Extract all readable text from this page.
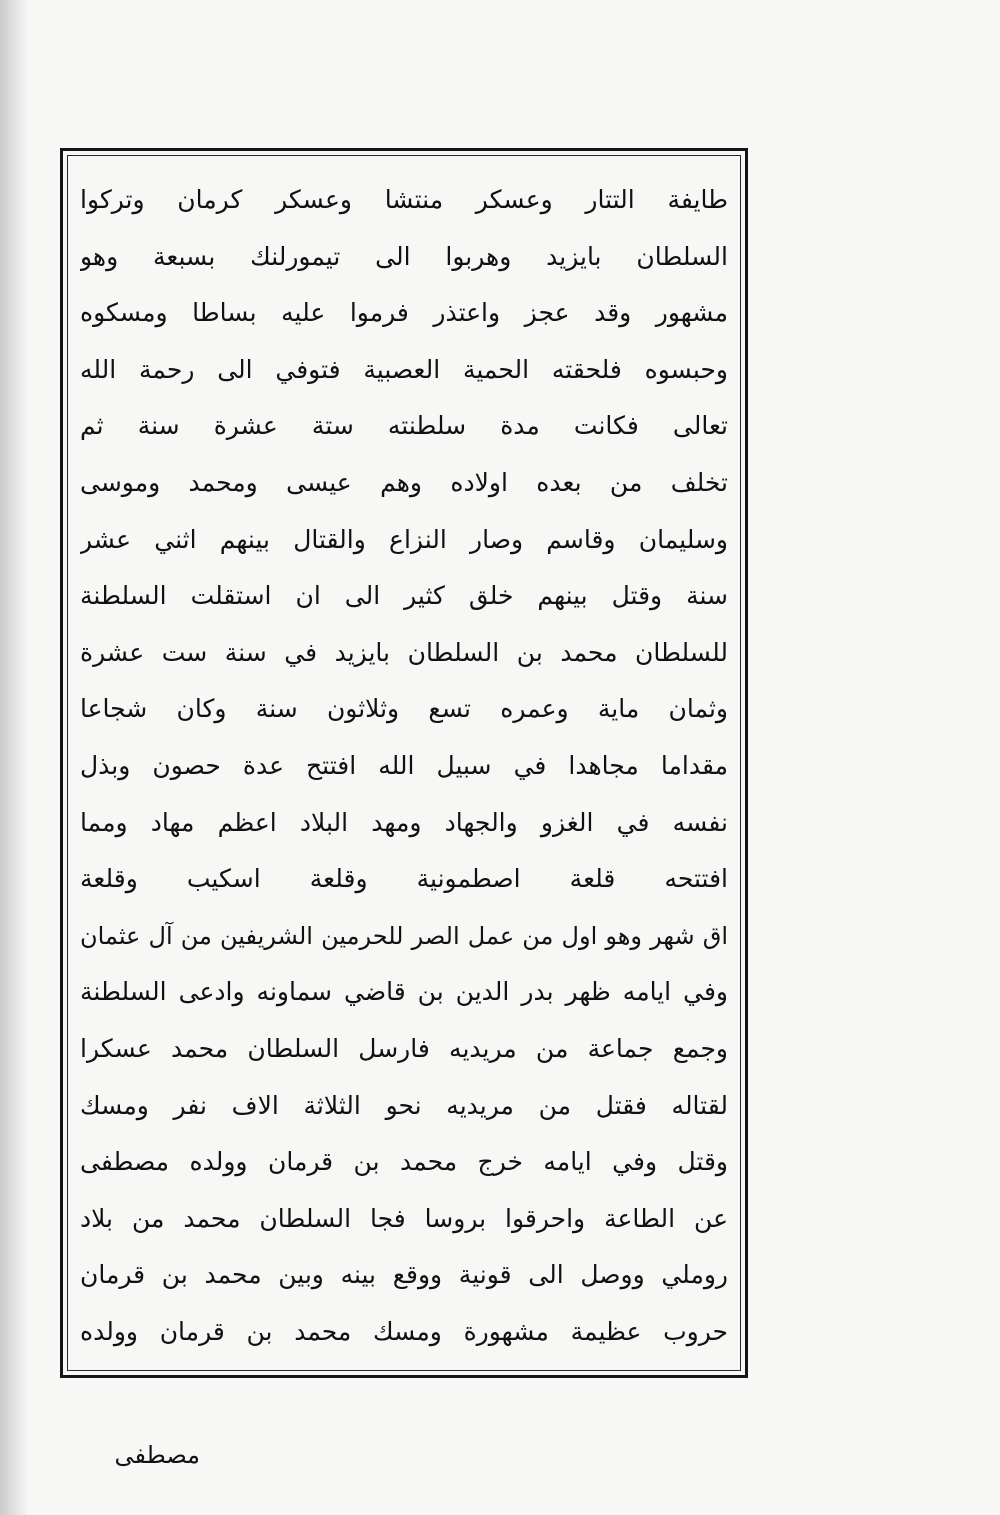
طايفة التتار وعسكر منتشا وعسكر كرمان وتركوا
السلطان بايزيد وهربوا الى تيمورلنك بسبعة وهو
مشهور وقد عجز واعتذر فرموا عليه بساطا ومسكوه
وحبسوه فلحقته الحمية العصبية فتوفي الى رحمة الله
تعالى فكانت مدة سلطنته ستة عشرة سنة ثم
تخلف من بعده اولاده وهم عيسى ومحمد وموسى
وسليمان وقاسم وصار النزاع والقتال بينهم اثني عشر
سنة وقتل بينهم خلق كثير الى ان استقلت السلطنة
للسلطان محمد بن السلطان بايزيد في سنة ست عشرة
وثمان ماية وعمره تسع وثلاثون سنة وكان شجاعا
مقداما مجاهدا في سبيل الله افتتح عدة حصون وبذل
نفسه في الغزو والجهاد ومهد البلاد اعظم مهاد ومما
افتتحه قلعة اصطمونية وقلعة اسكيب وقلعة
اق شهر وهو اول من عمل الصر للحرمين الشريفين من آل عثمان
وفي ايامه ظهر بدر الدين بن قاضي سماونه وادعى السلطنة
وجمع جماعة من مريديه فارسل السلطان محمد عسكرا
لقتاله فقتل من مريديه نحو الثلاثة الاف نفر ومسك
وقتل وفي ايامه خرج محمد بن قرمان وولده مصطفى
عن الطاعة واحرقوا بروسا فجا السلطان محمد من بلاد
روملي ووصل الى قونية ووقع بينه وبين محمد بن قرمان
حروب عظيمة مشهورة ومسك محمد بن قرمان وولده
مصطفى
